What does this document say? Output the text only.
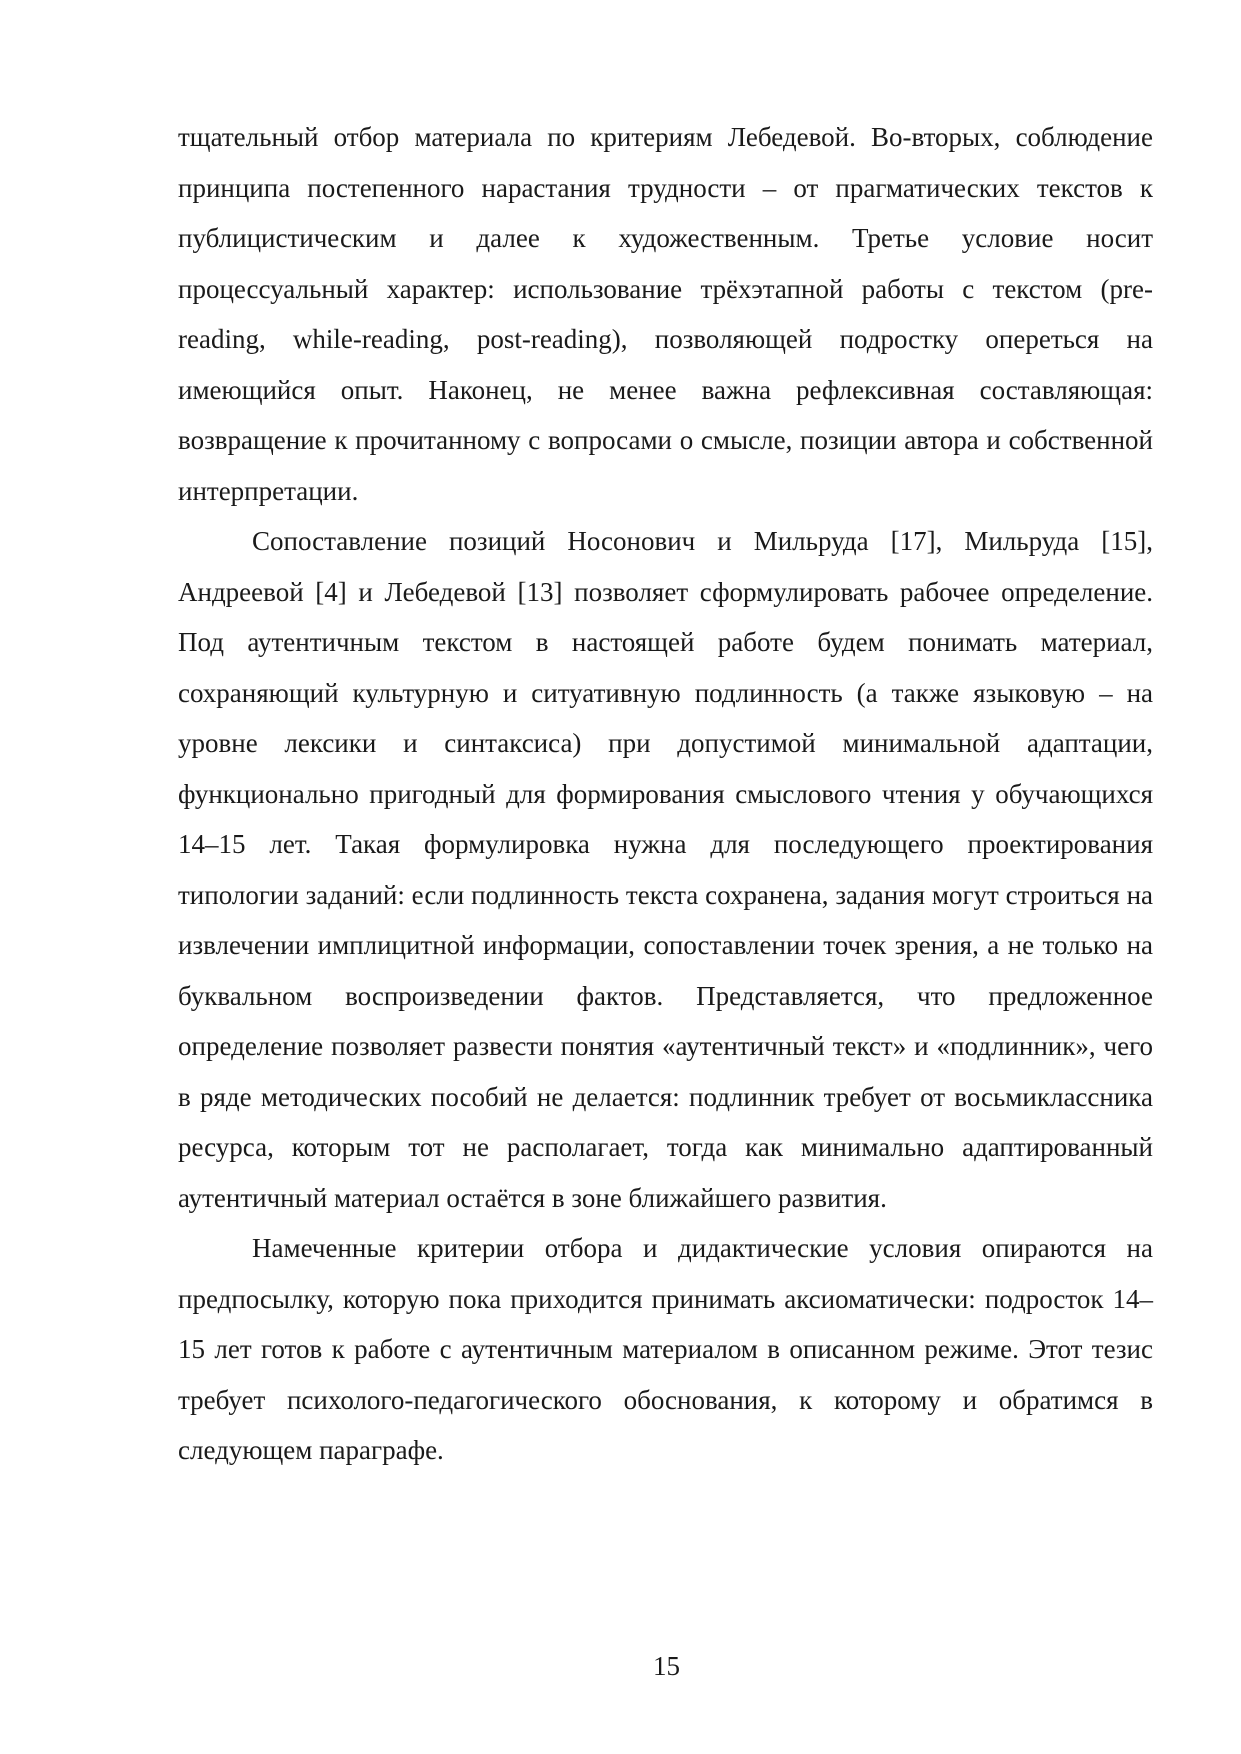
тщательный отбор материала по критериям Лебедевой. Во-вторых, соблюдение принципа постепенного нарастания трудности – от прагматических текстов к публицистическим и далее к художественным. Третье условие носит процессуальный характер: использование трёхэтапной работы с текстом (pre-reading, while-reading, post-reading), позволяющей подростку опереться на имеющийся опыт. Наконец, не менее важна рефлексивная составляющая: возвращение к прочитанному с вопросами о смысле, позиции автора и собственной интерпретации.

Сопоставление позиций Носонович и Мильруда [17], Мильруда [15], Андреевой [4] и Лебедевой [13] позволяет сформулировать рабочее определение. Под аутентичным текстом в настоящей работе будем понимать материал, сохраняющий культурную и ситуативную подлинность (а также языковую – на уровне лексики и синтаксиса) при допустимой минимальной адаптации, функционально пригодный для формирования смыслового чтения у обучающихся 14–15 лет. Такая формулировка нужна для последующего проектирования типологии заданий: если подлинность текста сохранена, задания могут строиться на извлечении имплицитной информации, сопоставлении точек зрения, а не только на буквальном воспроизведении фактов. Представляется, что предложенное определение позволяет развести понятия «аутентичный текст» и «подлинник», чего в ряде методических пособий не делается: подлинник требует от восьмиклассника ресурса, которым тот не располагает, тогда как минимально адаптированный аутентичный материал остаётся в зоне ближайшего развития.

Намеченные критерии отбора и дидактические условия опираются на предпосылку, которую пока приходится принимать аксиоматически: подросток 14–15 лет готов к работе с аутентичным материалом в описанном режиме. Этот тезис требует психолого-педагогического обоснования, к которому и обратимся в следующем параграфе.

15
